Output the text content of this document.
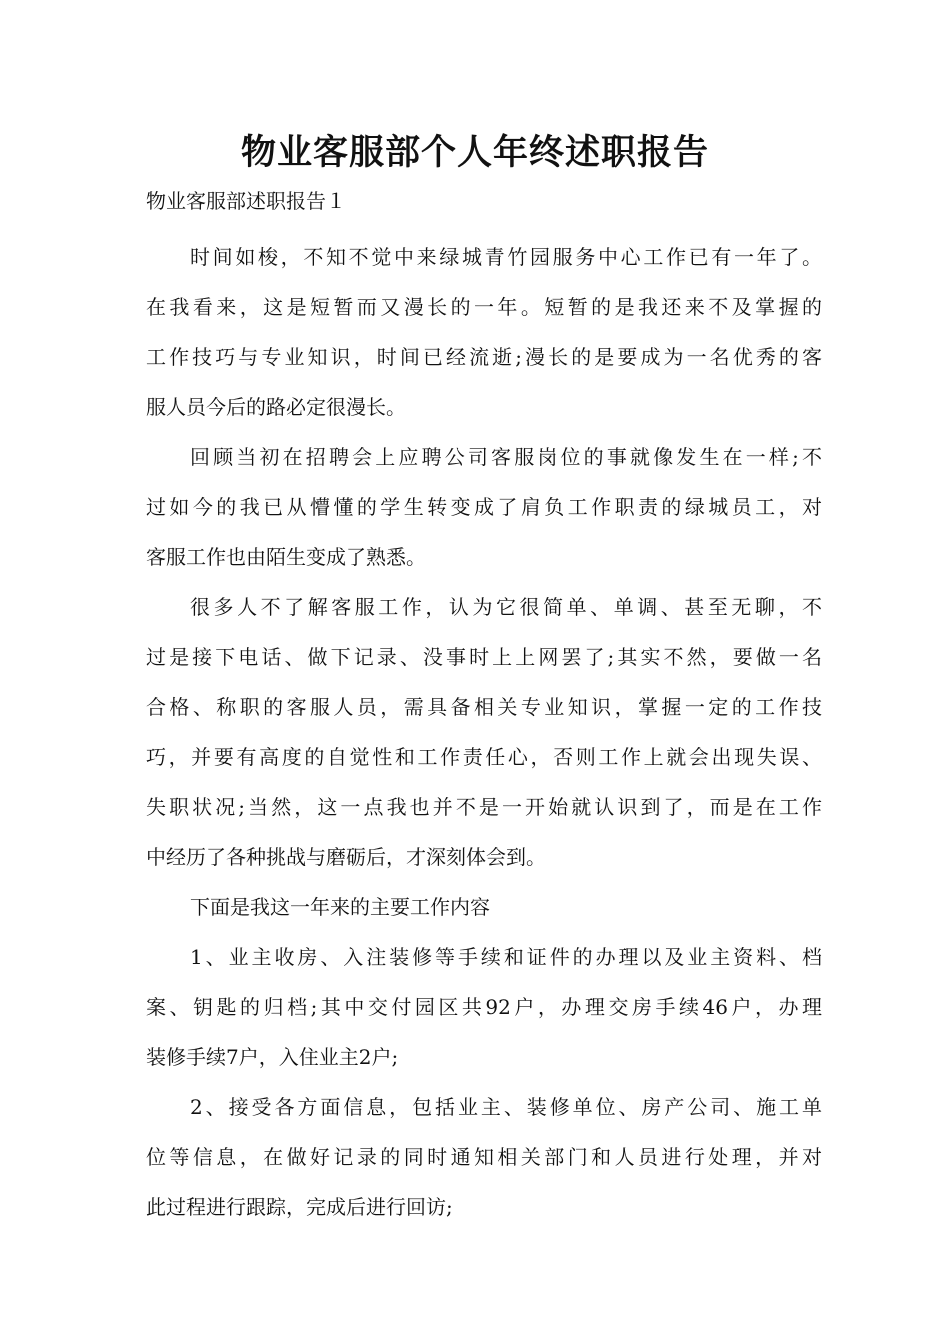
物业客服部个人年终述职报告

物业客服部述职报告１

时间如梭，不知不觉中来绿城青竹园服务中心工作已有一年了。
在我看来，这是短暂而又漫长的一年。短暂的是我还来不及掌握的
工作技巧与专业知识，时间已经流逝;漫长的是要成为一名优秀的客
服人员今后的路必定很漫长。

回顾当初在招聘会上应聘公司客服岗位的事就像发生在一样;不
过如今的我已从懵懂的学生转变成了肩负工作职责的绿城员工，对
客服工作也由陌生变成了熟悉。

很多人不了解客服工作，认为它很简单、单调、甚至无聊，不
过是接下电话、做下记录、没事时上上网罢了;其实不然，要做一名
合格、称职的客服人员，需具备相关专业知识，掌握一定的工作技
巧，并要有高度的自觉性和工作责任心，否则工作上就会出现失误、
失职状况;当然，这一点我也并不是一开始就认识到了，而是在工作
中经历了各种挑战与磨砺后，才深刻体会到。

下面是我这一年来的主要工作内容

1、业主收房、入注装修等手续和证件的办理以及业主资料、档
案、钥匙的归档;其中交付园区共92户，办理交房手续46户，办理
装修手续7户，入住业主2户;

2、接受各方面信息，包括业主、装修单位、房产公司、施工单
位等信息，在做好记录的同时通知相关部门和人员进行处理，并对
此过程进行跟踪，完成后进行回访;
